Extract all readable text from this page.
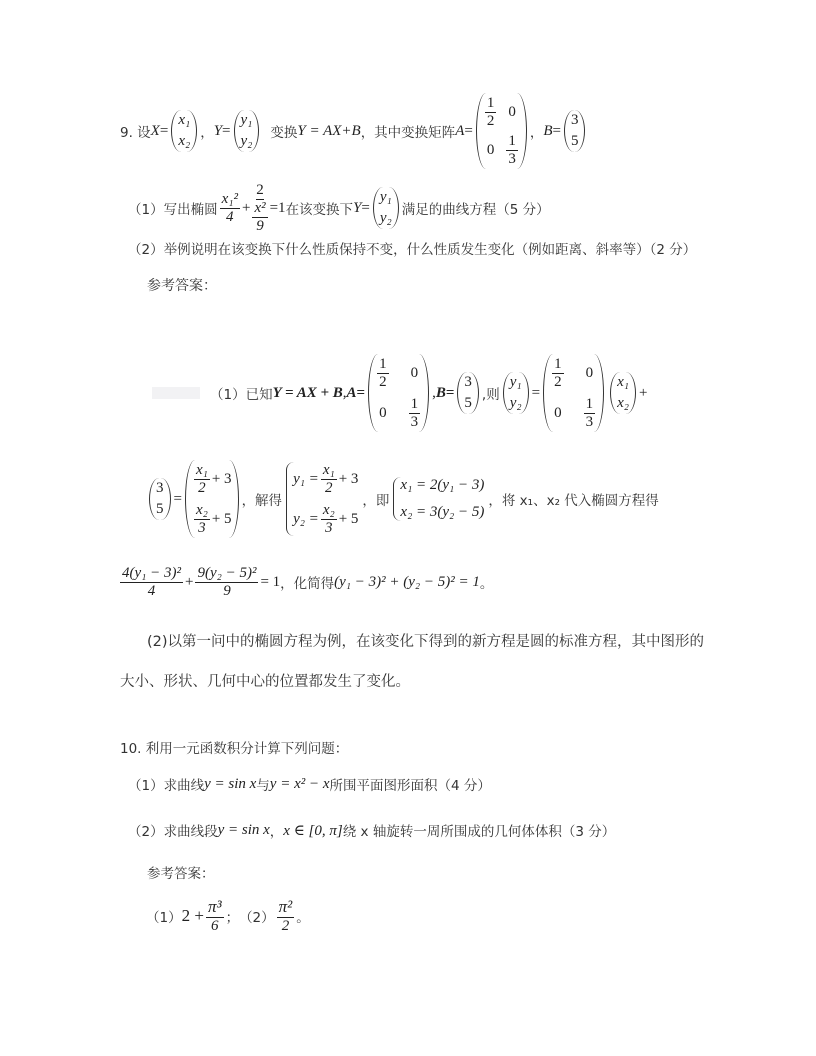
9. 设 X =
x₁
x₂ ， Y =
y₁
y₂ 变换 Y = AX+B ，其中变换矩阵 A =
$\frac{1}{2} 0$
$0 \frac{1}{3}$ ， B =
3
5
（1）写出椭圆 $\frac{\text{x₁²}}{4} + \frac{2}{\frac{\text{x²}}{9}} =1$ 在该变换下 Y =
y₁
y₂ 满足的曲线方程（5 分）
（2）举例说明在该变换下什么性质保持不变，什么性质发生变化（例如距离、斜率等）（2 分）
参考答案：
（1）已知 Y = AX + B , A =
$\frac{1}{2} 0$
$0 \frac{1}{3}$
, B =
3
5 ,则
y₁
y₂
=
$\frac{1}{2} 0$
$0 \frac{1}{3}$
x₁
x₂
+
3
5
=
$\frac{\text{x₁}}{2} + 3$
$\frac{\text{x₂}}{3} + 5$
，解得
$y_1 = \frac{\text{x₁}}{2} + 3$
$y_2 = \frac{\text{x₂}}{3} + 5$
，即
x₁ = 2(y₁ − 3)
x₂ = 3(y₂ − 5)
，将 x₁、x₂ 代入椭圆方程得
$\frac{\text{4(y₁ − 3)²}}{4} + \frac{\text{9(y₂ − 5)²}}{9} = 1$ ，化简得 (y₁ − 3)² + (y₂ − 5)² = 1 。
(2)以第一问中的椭圆方程为例，在该变化下得到的新方程是圆的标准方程，其中图形的
大小、形状、几何中心的位置都发生了变化。
10. 利用一元函数积分计算下列问题：
（1）求曲线 y = sin x 与 y = x² − x 所围平面图形面积（4 分）
（2）求曲线段 y = sin x ， x ∈ [0, π] 绕 x 轴旋转一周所围成的几何体体积（3 分）
参考答案：
（1） $2 + \frac{\text{π³}}{6}$ ； $(2) \frac{\text{π²}}{2}$ 。
